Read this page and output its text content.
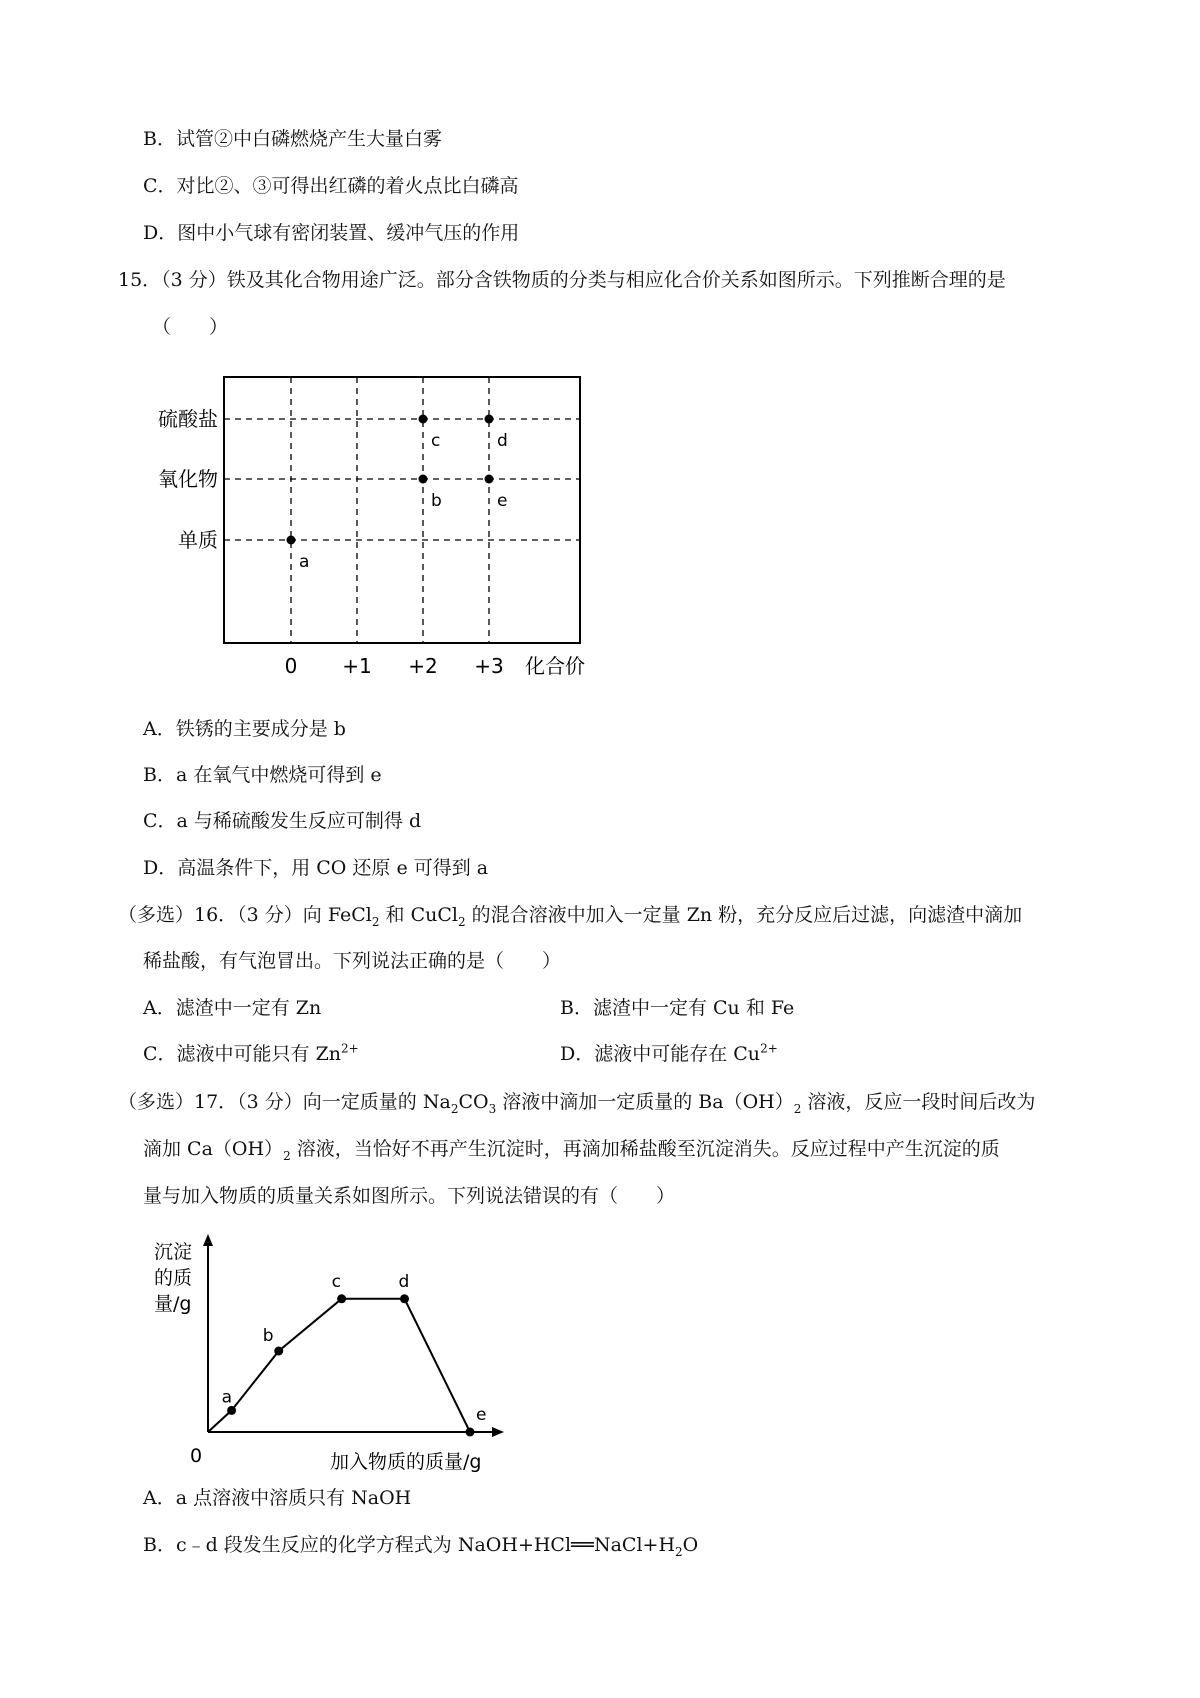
B．试管②中白磷燃烧产生大量白雾
C．对比②、③可得出红磷的着火点比白磷高
D．图中小气球有密闭装置、缓冲气压的作用
15．（3 分）铁及其化合物用途广泛。部分含铁物质的分类与相应化合价关系如图所示。下列推断合理的是
（　　）
单质
氧化物
硫酸盐
0 +1 +2 +3 化合价
a
b
c	d
e
A．铁锈的主要成分是 b
B．a 在氧气中燃烧可得到 e
C．a 与稀硫酸发生反应可制得 d
D．高温条件下，用 CO 还原 e 可得到 a
（多选）16．（3 分）向 FeCl$_2$ 和 CuCl$_2$ 的混合溶液中加入一定量 Zn 粉，充分反应后过滤，向滤渣中滴加
稀盐酸，有气泡冒出。下列说法正确的是（　　）
A．滤渣中一定有 Zn	B．滤渣中一定有 Cu 和 Fe
C．滤液中可能只有 $Zn^{2+}$	D．滤液中可能存在 $Cu^{2+}$
（多选）17．（3 分）向一定质量的 $Na_2CO_3$ 溶液中滴加一定质量的 $Ba(OH)_2$ 溶液，反应一段时间后改为
滴加 $Ca(OH)_2$ 溶液，当恰好不再产生沉淀时，再滴加稀盐酸至沉淀消失。反应过程中产生沉淀的质
量与加入物质的质量关系如图所示。下列说法错误的有（　　）
沉淀
的质
量/g
0	加入物质的质量/g
a
b
c	d
e
A．a 点溶液中溶质只有 NaOH
B．c﹣d 段发生反应的化学方程式为 $NaOH+HCl══NaCl+H_2O$
